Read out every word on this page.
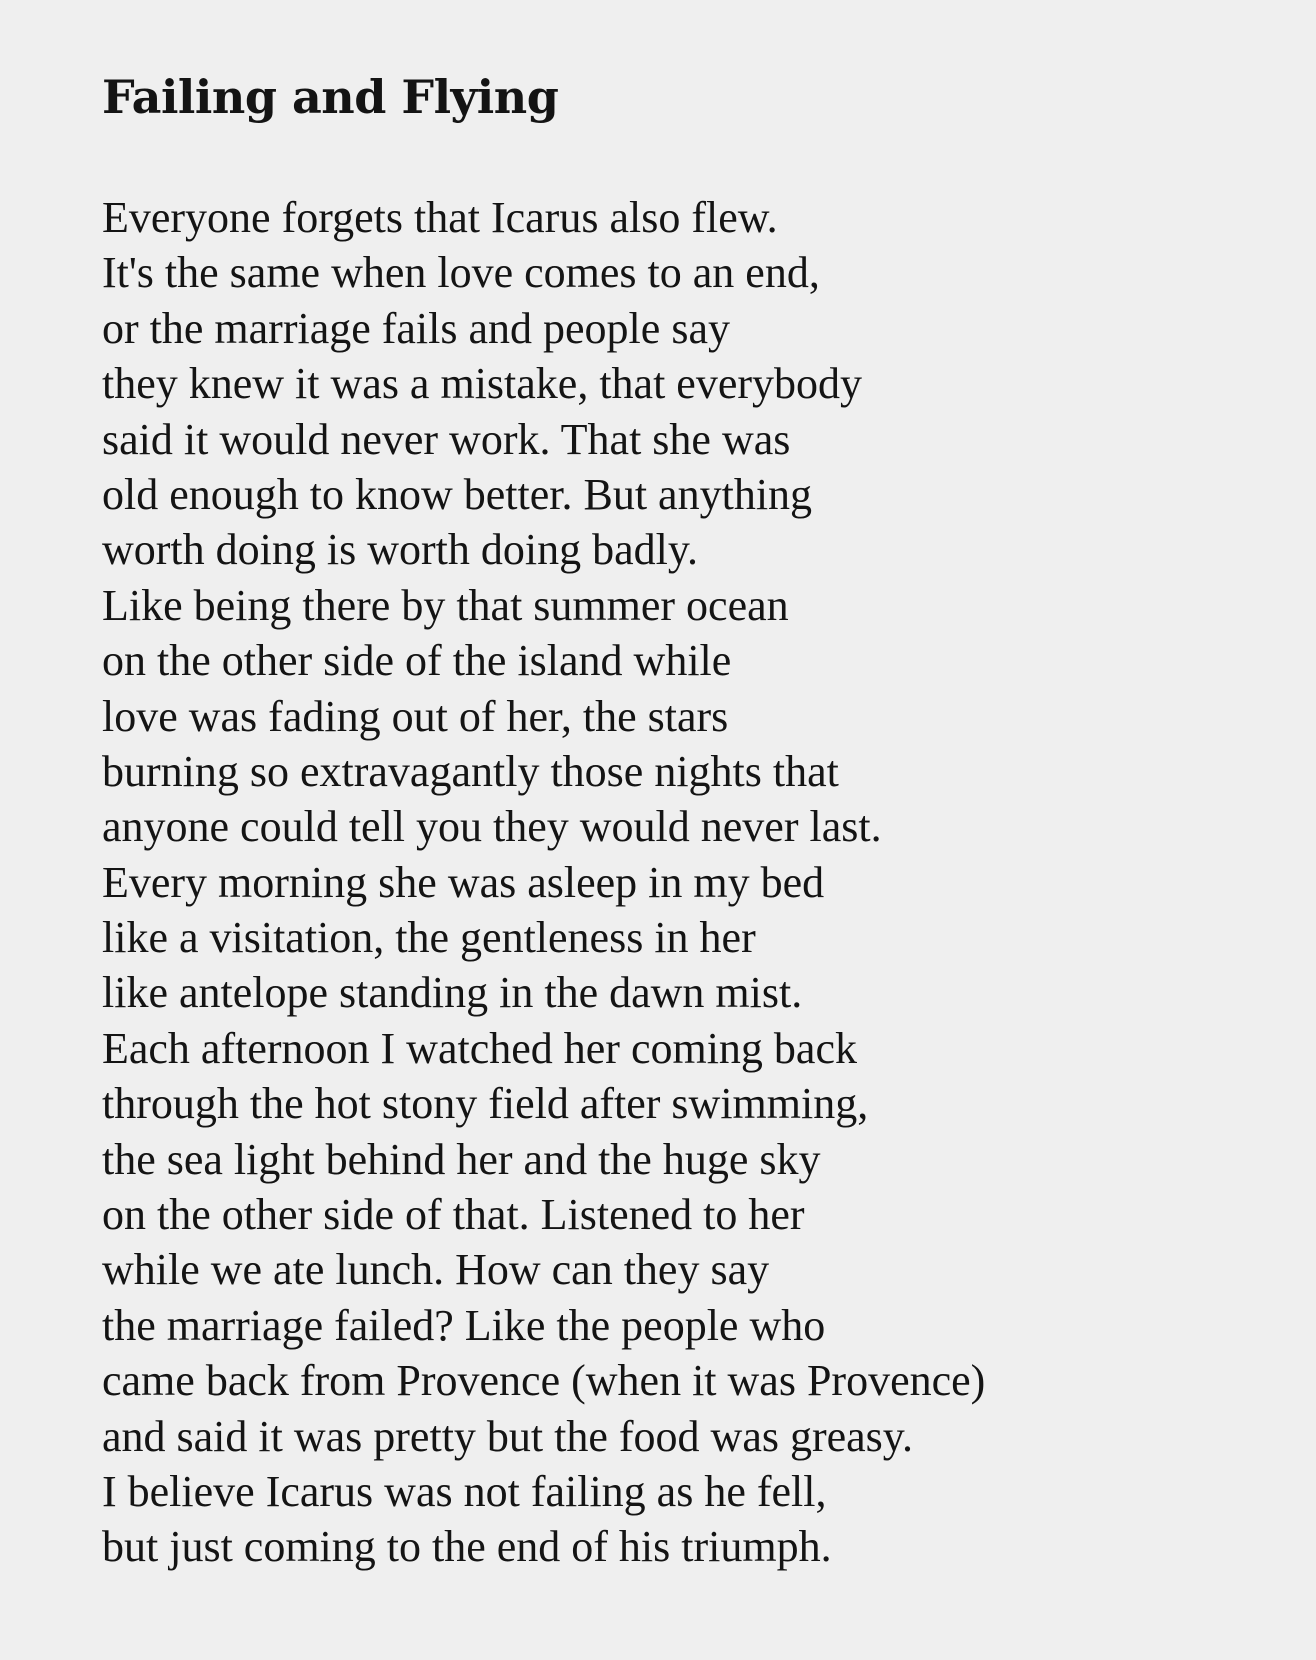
Failing and Flying
Everyone forgets that Icarus also flew.
It's the same when love comes to an end,
or the marriage fails and people say
they knew it was a mistake, that everybody
said it would never work. That she was
old enough to know better. But anything
worth doing is worth doing badly.
Like being there by that summer ocean
on the other side of the island while
love was fading out of her, the stars
burning so extravagantly those nights that
anyone could tell you they would never last.
Every morning she was asleep in my bed
like a visitation, the gentleness in her
like antelope standing in the dawn mist.
Each afternoon I watched her coming back
through the hot stony field after swimming,
the sea light behind her and the huge sky
on the other side of that. Listened to her
while we ate lunch. How can they say
the marriage failed? Like the people who
came back from Provence (when it was Provence)
and said it was pretty but the food was greasy.
I believe Icarus was not failing as he fell,
but just coming to the end of his triumph.
